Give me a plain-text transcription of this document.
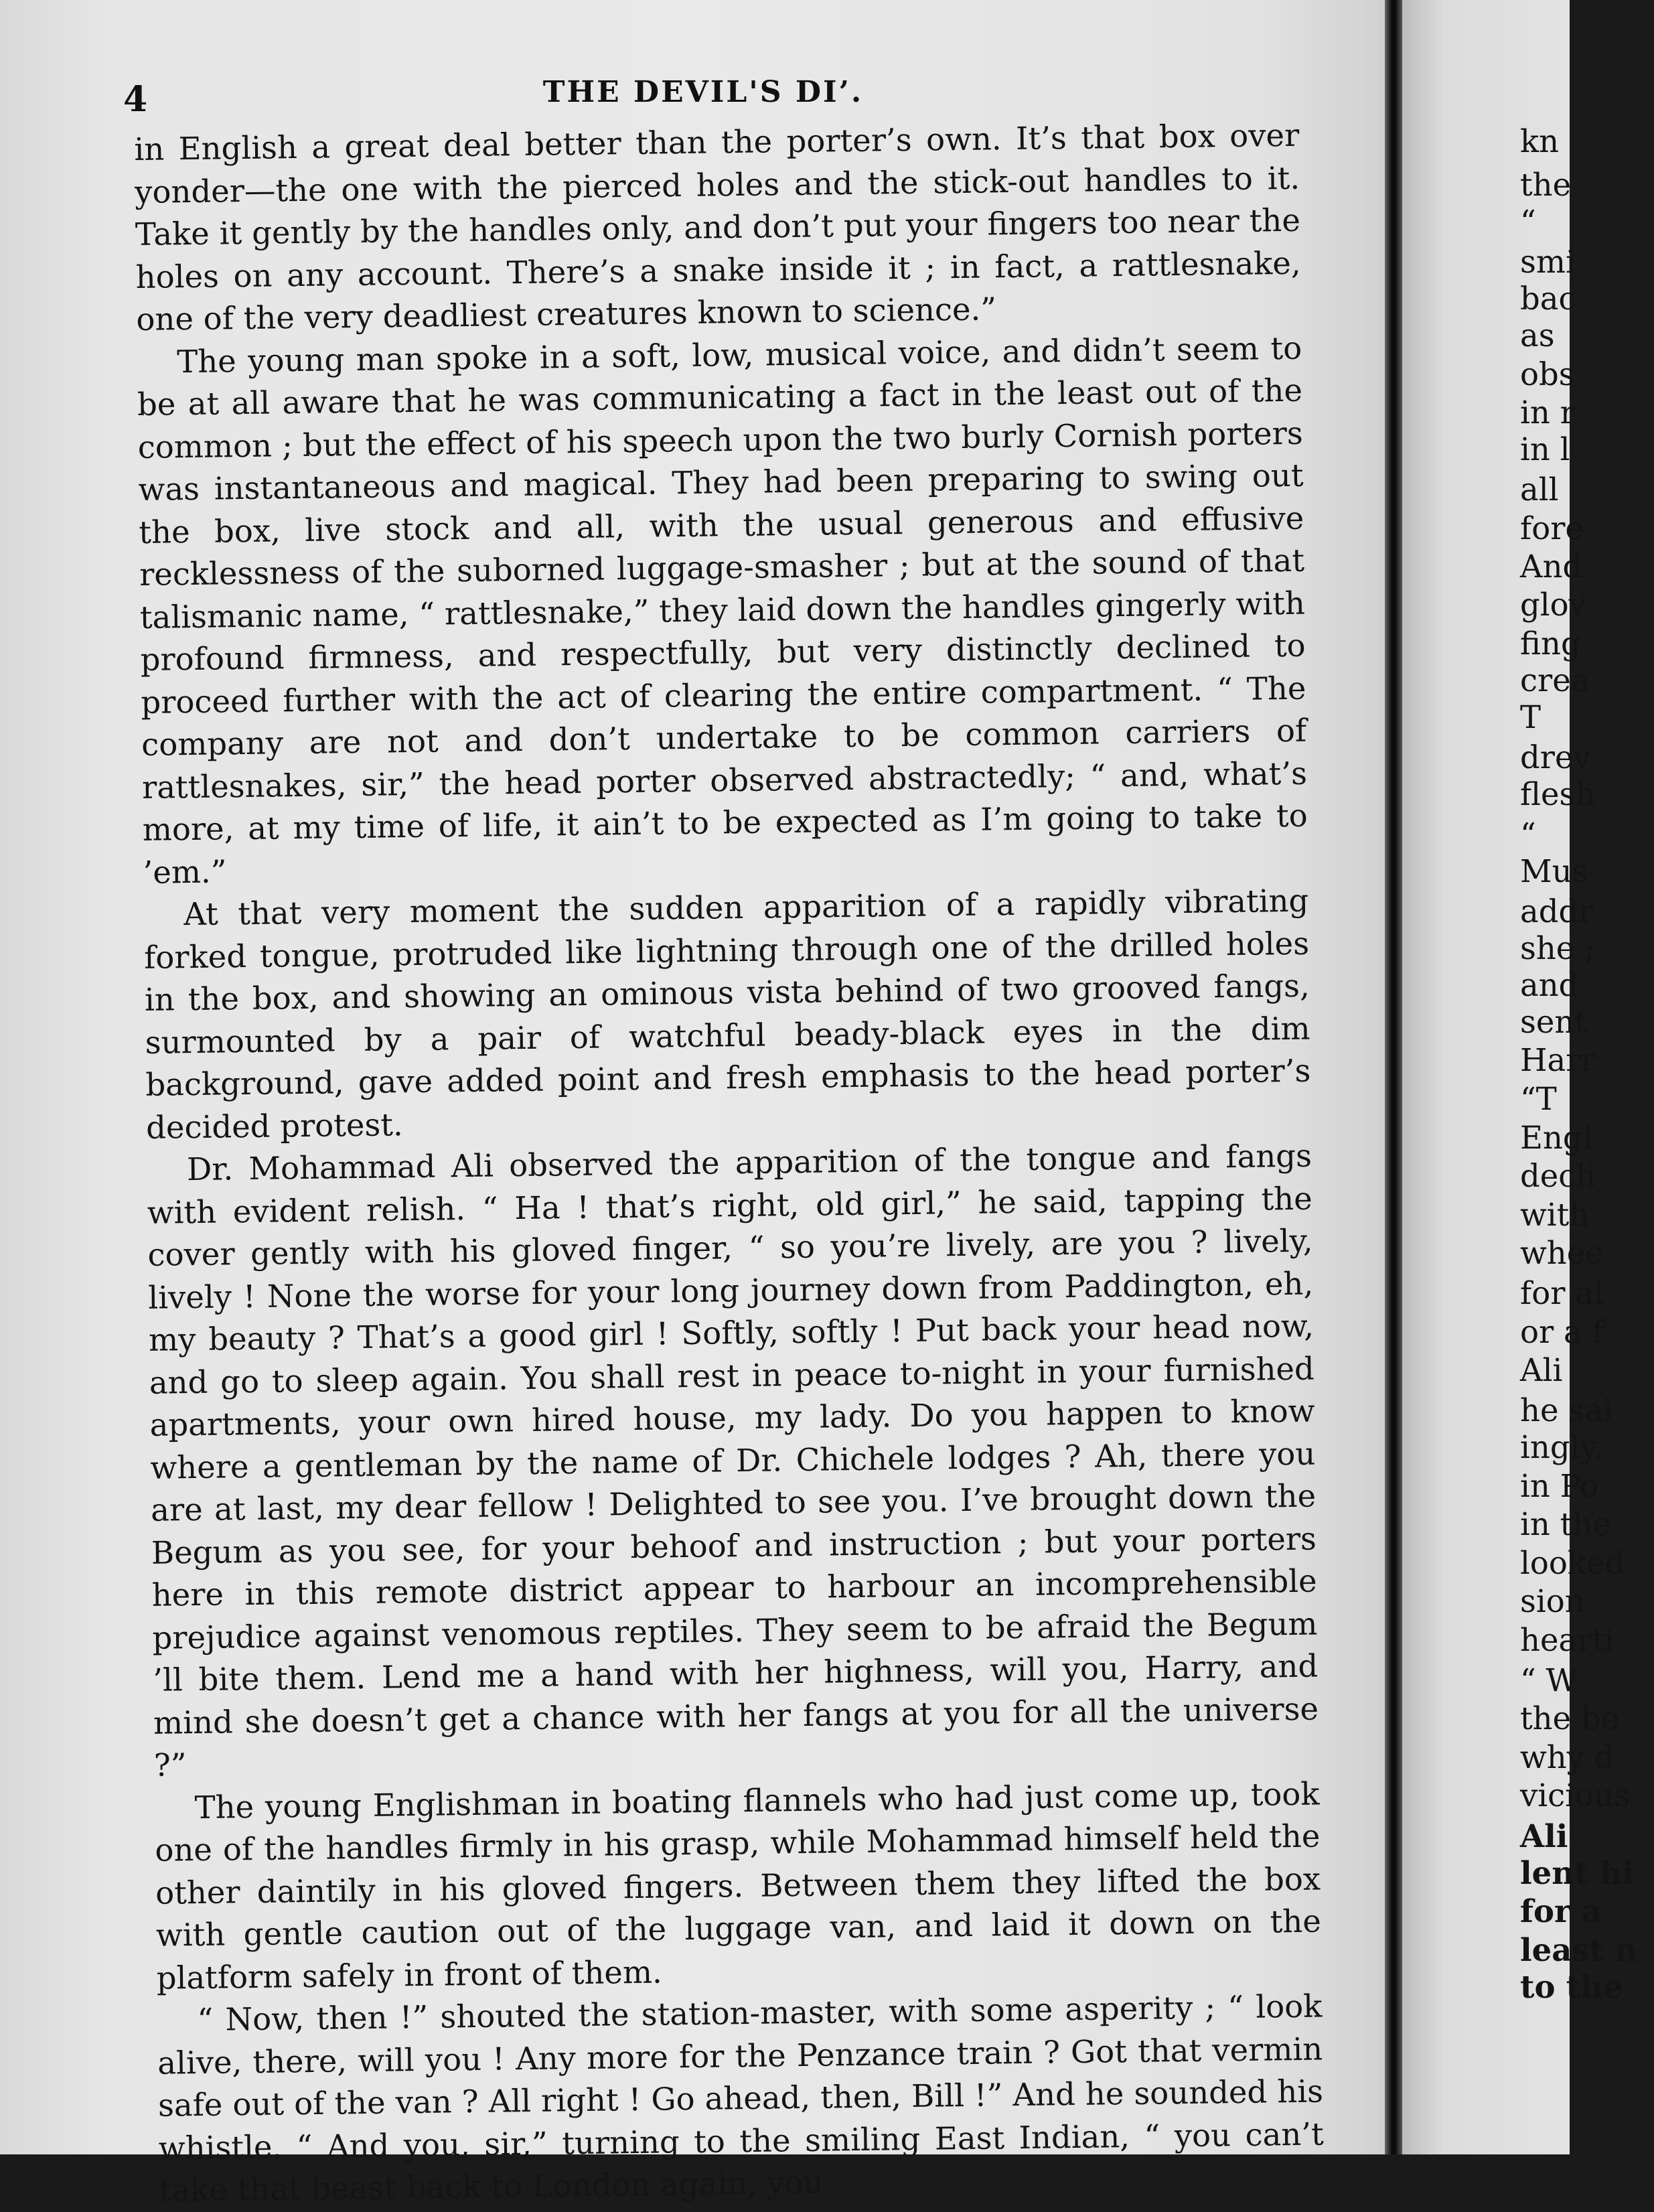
4	THE DEVIL'S DI’.

in English a great deal better than the porter’s own. It’s that box over yonder—the one with the pierced holes and the stick-out handles to it. Take it gently by the handles only, and don’t put your fingers too near the holes on any account. There’s a snake inside it ; in fact, a rattlesnake, one of the very deadliest creatures known to science.”

The young man spoke in a soft, low, musical voice, and didn’t seem to be at all aware that he was communicating a fact in the least out of the common ; but the effect of his speech upon the two burly Cornish porters was instantaneous and magical. They had been preparing to swing out the box, live stock and all, with the usual generous and effusive recklessness of the suborned luggage-smasher ; but at the sound of that talismanic name, “ rattlesnake,” they laid down the handles gingerly with profound firmness, and respectfully, but very distinctly declined to proceed further with the act of clearing the entire compartment. “ The company are not and don’t undertake to be common carriers of rattlesnakes, sir,” the head porter observed abstractedly; “ and, what’s more, at my time of life, it ain’t to be expected as I’m going to take to ’em.”

At that very moment the sudden apparition of a rapidly vibrating forked tongue, protruded like lightning through one of the drilled holes in the box, and showing an ominous vista behind of two grooved fangs, surmounted by a pair of watchful beady-black eyes in the dim background, gave added point and fresh emphasis to the head porter’s decided protest.

Dr. Mohammad Ali observed the apparition of the tongue and fangs with evident relish. “ Ha ! that’s right, old girl,” he said, tapping the cover gently with his gloved finger, “ so you’re lively, are you ? lively, lively ! None the worse for your long journey down from Paddington, eh, my beauty ? That’s a good girl ! Softly, softly ! Put back your head now, and go to sleep again. You shall rest in peace to-night in your furnished apartments, your own hired house, my lady. Do you happen to know where a gentleman by the name of Dr. Chichele lodges ? Ah, there you are at last, my dear fellow ! Delighted to see you. I’ve brought down the Begum as you see, for your behoof and instruction ; but your porters here in this remote district appear to harbour an incomprehensible prejudice against venomous reptiles. They seem to be afraid the Begum ’ll bite them. Lend me a hand with her highness, will you, Harry, and mind she doesn’t get a chance with her fangs at you for all the universe ?”

The young Englishman in boating flannels who had just come up, took one of the handles firmly in his grasp, while Mohammad himself held the other daintily in his gloved fingers. Between them they lifted the box with gentle caution out of the luggage van, and laid it down on the platform safely in front of them.

“ Now, then !” shouted the station-master, with some asperity ; “ look alive, there, will you ! Any more for the Penzance train ? Got that vermin safe out of the van ? All right ! Go ahead, then, Bill !” And he sounded his whistle. “ And you, sir,” turning to the smiling East Indian, “ you can’t take that beast back to London again, you

kn
the
“
smi
bac
as
obs
in r
in l
all
fore
And
glov
fing
crea
T
drev
flesh
“
Mus
addr
she ;
and
sent
Harr
“T
Engl
decli
with
whee
for al
or a f
Ali
he sai
ingly.
in Po
in the
looked
sion
hearti
“ W
the be
why d
vicious
Ali
lent hi
for a
least n
to the
